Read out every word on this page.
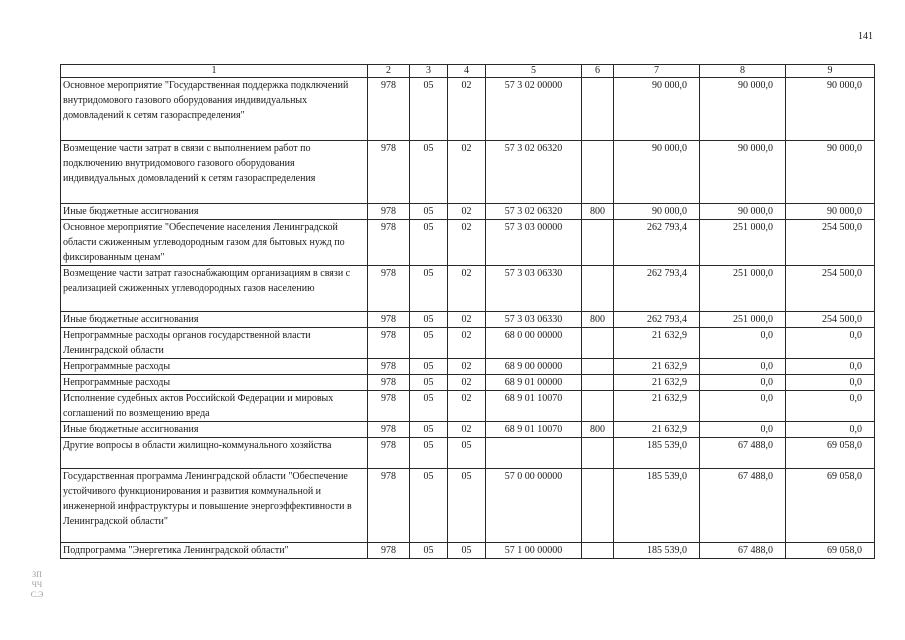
141
1	2	3	4	5	6	7	8	9
Основное мероприятие "Государственная поддержка подключений внутридомового газового оборудования индивидуальных домовладений к сетям газораспределения"	978	05	02	57 3 02 00000		90 000,0	90 000,0	90 000,0
Возмещение части затрат в связи с выполнением работ по подключению внутридомового газового оборудования индивидуальных домовладений к сетям газораспределения	978	05	02	57 3 02 06320		90 000,0	90 000,0	90 000,0
Иные бюджетные ассигнования	978	05	02	57 3 02 06320	800	90 000,0	90 000,0	90 000,0
Основное мероприятие "Обеспечение населения Ленинградской области сжиженным углеводородным газом для бытовых нужд по фиксированным ценам"	978	05	02	57 3 03 00000		262 793,4	251 000,0	254 500,0
Возмещение части затрат газоснабжающим организациям в связи с реализацией сжиженных углеводородных газов населению	978	05	02	57 3 03 06330		262 793,4	251 000,0	254 500,0
Иные бюджетные ассигнования	978	05	02	57 3 03 06330	800	262 793,4	251 000,0	254 500,0
Непрограммные расходы органов государственной власти Ленинградской области	978	05	02	68 0 00 00000		21 632,9	0,0	0,0
Непрограммные расходы	978	05	02	68 9 00 00000		21 632,9	0,0	0,0
Непрограммные расходы	978	05	02	68 9 01 00000		21 632,9	0,0	0,0
Исполнение судебных актов Российской Федерации и мировых соглашений по возмещению вреда	978	05	02	68 9 01 10070		21 632,9	0,0	0,0
Иные бюджетные ассигнования	978	05	02	68 9 01 10070	800	21 632,9	0,0	0,0
Другие вопросы в области жилищно-коммунального хозяйства	978	05	05			185 539,0	67 488,0	69 058,0
Государственная программа Ленинградской области "Обеспечение устойчивого функционирования и развития коммунальной и инженерной инфраструктуры и повышение энергоэффективности в Ленинградской области"	978	05	05	57 0 00 00000		185 539,0	67 488,0	69 058,0
Подпрограмма "Энергетика Ленинградской области"	978	05	05	57 1 00 00000		185 539,0	67 488,0	69 058,0
ЗП
ЧЧ
С.Э
